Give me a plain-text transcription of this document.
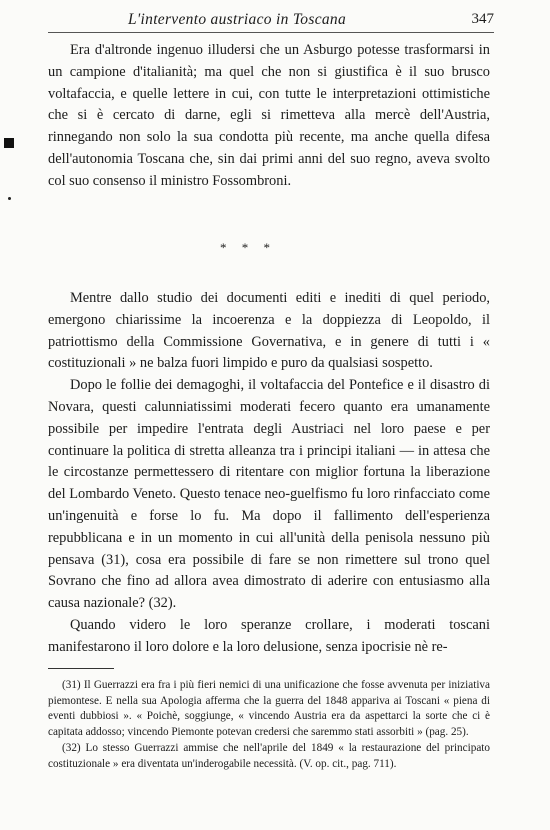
L'intervento austriaco in Toscana	347

Era d'altronde ingenuo illudersi che un Asburgo potesse trasformarsi in un campione d'italianità; ma quel che non si giustifica è il suo brusco voltafaccia, e quelle lettere in cui, con tutte le interpretazioni ottimistiche che si è cercato di darne, egli si rimetteva alla mercè dell'Austria, rinnegando non solo la sua condotta più recente, ma anche quella difesa dell'autonomia Toscana che, sin dai primi anni del suo regno, aveva svolto col suo consenso il ministro Fossombroni.

* * *

Mentre dallo studio dei documenti editi e inediti di quel periodo, emergono chiarissime la incoerenza e la doppiezza di Leopoldo, il patriottismo della Commissione Governativa, e in genere di tutti i « costituzionali » ne balza fuori limpido e puro da qualsiasi sospetto.

Dopo le follie dei demagoghi, il voltafaccia del Pontefice e il disastro di Novara, questi calunniatissimi moderati fecero quanto era umanamente possibile per impedire l'entrata degli Austriaci nel loro paese e per continuare la politica di stretta alleanza tra i principi italiani — in attesa che le circostanze permettessero di ritentare con miglior fortuna la liberazione del Lombardo Veneto. Questo tenace neo-guelfismo fu loro rinfacciato come un'ingenuità e forse lo fu. Ma dopo il fallimento dell'esperienza repubblicana e in un momento in cui all'unità della penisola nessuno più pensava (31), cosa era possibile di fare se non rimettere sul trono quel Sovrano che fino ad allora avea dimostrato di aderire con entusiasmo alla causa nazionale? (32).

Quando videro le loro speranze crollare, i moderati toscani manifestarono il loro dolore e la loro delusione, senza ipocrisie nè re-

(31) Il Guerrazzi era fra i più fieri nemici di una unificazione che fosse avvenuta per iniziativa piemontese. E nella sua Apologia afferma che la guerra del 1848 appariva ai Toscani « piena di eventi dubbiosi ». « Poichè, soggiunge, « vincendo Austria era da aspettarci la sorte che ci è capitata addosso; vincendo Piemonte potevan credersi che saremmo stati assorbiti » (pag. 25).

(32) Lo stesso Guerrazzi ammise che nell'aprile del 1849 « la restaurazione del principato costituzionale » era diventata un'inderogabile necessità. (V. op. cit., pag. 711).
